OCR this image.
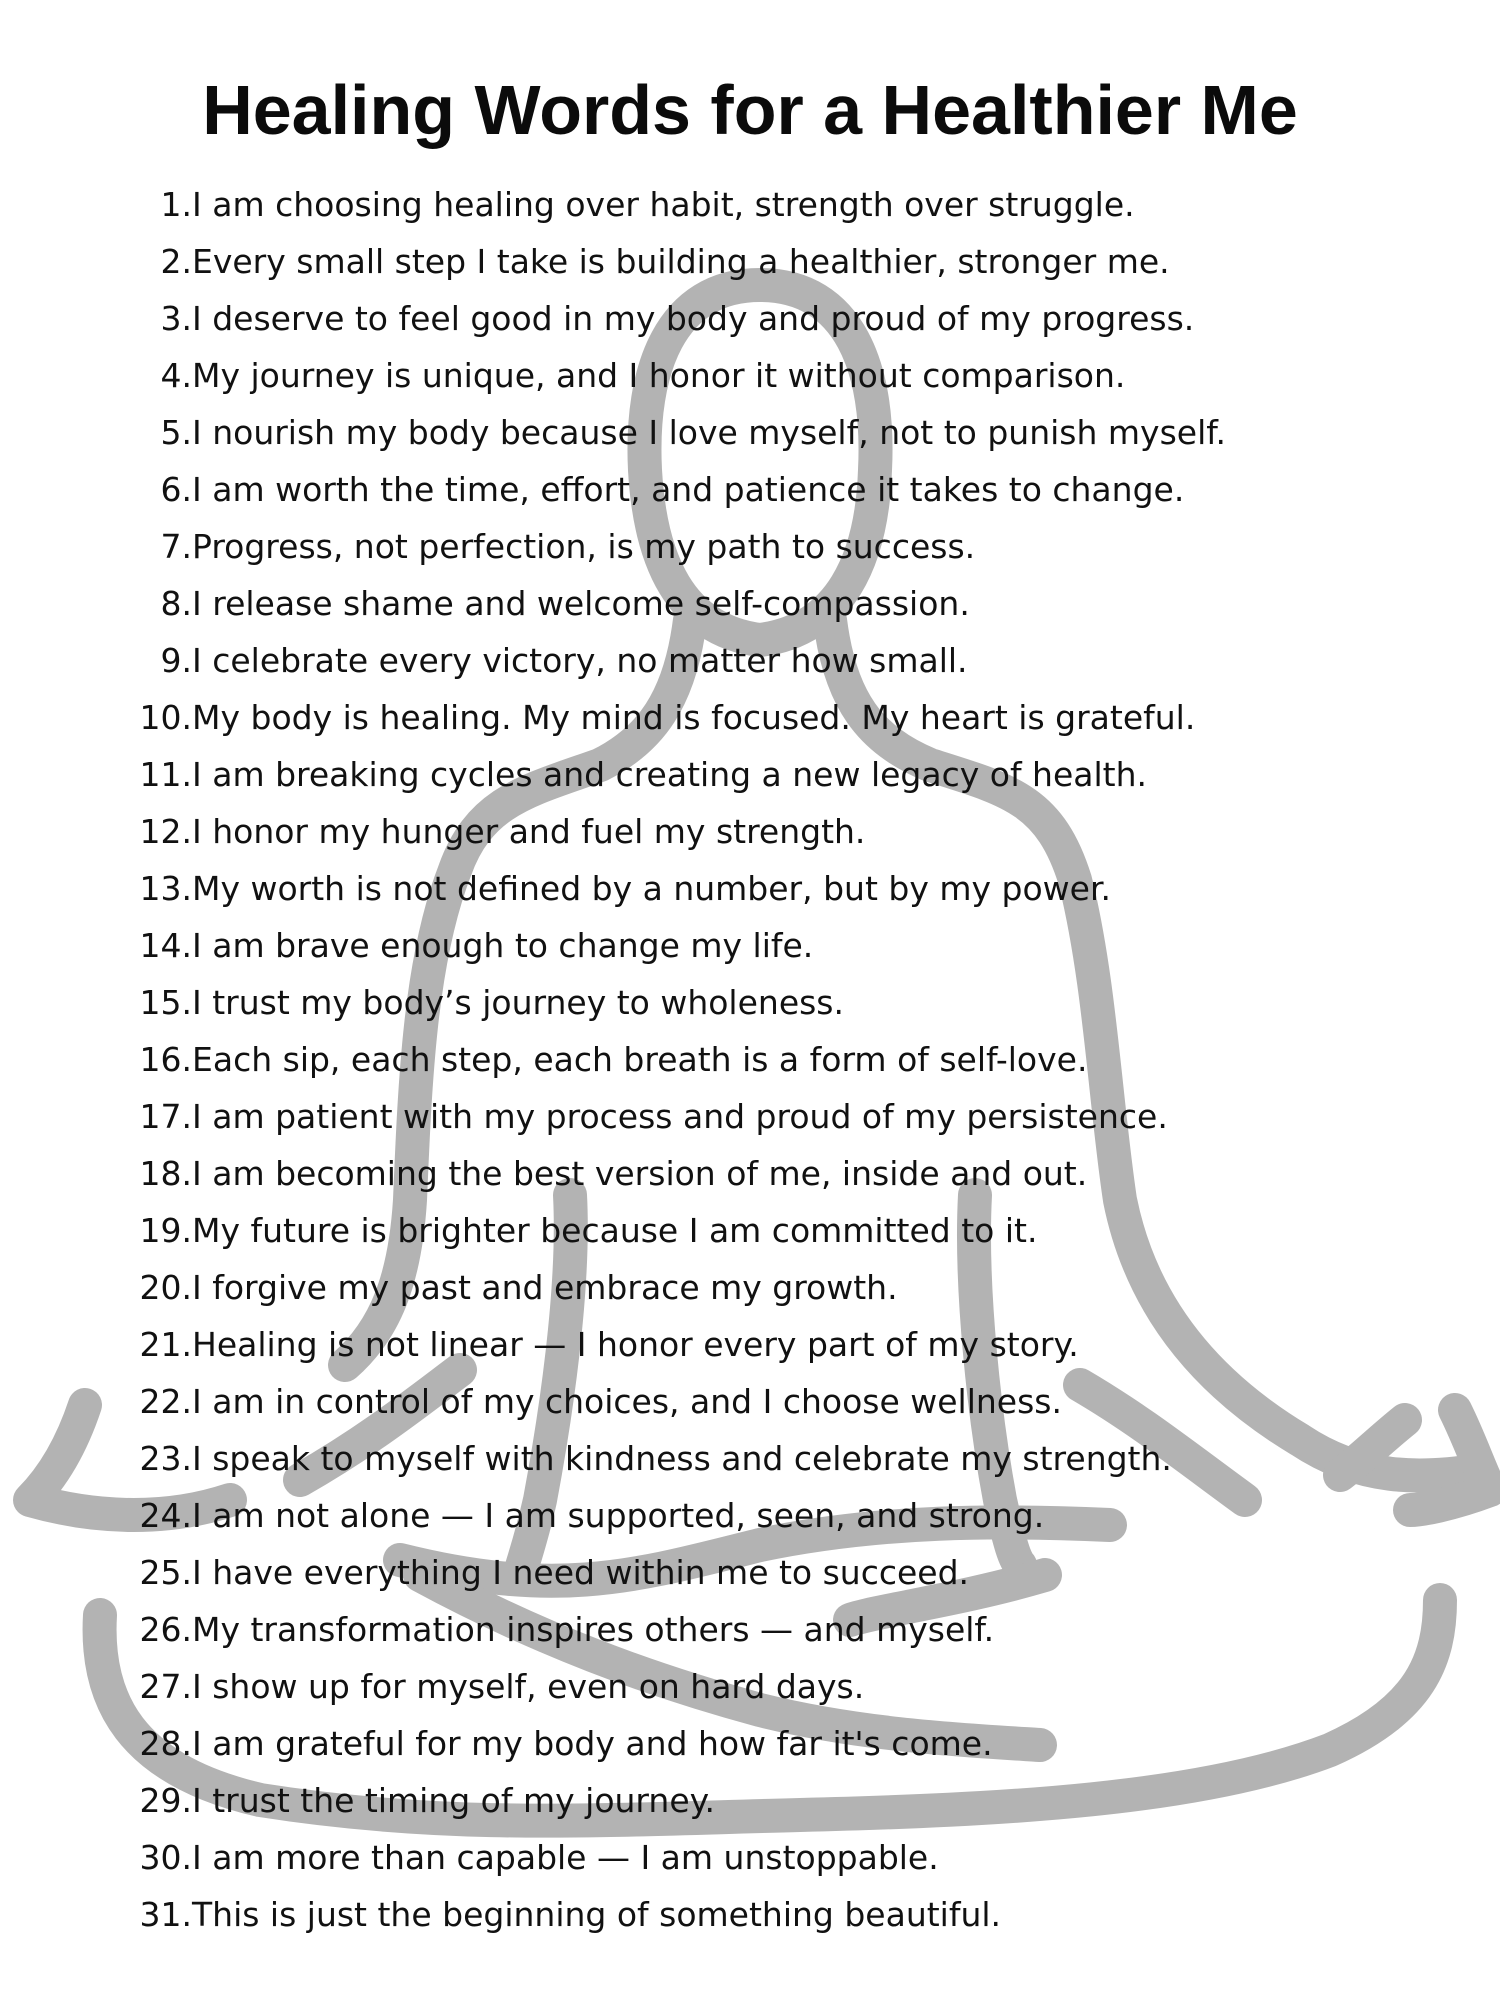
Healing Words for a Healthier Me
1. I am choosing healing over habit, strength over struggle.
2. Every small step I take is building a healthier, stronger me.
3. I deserve to feel good in my body and proud of my progress.
4. My journey is unique, and I honor it without comparison.
5. I nourish my body because I love myself, not to punish myself.
6. I am worth the time, effort, and patience it takes to change.
7. Progress, not perfection, is my path to success.
8. I release shame and welcome self-compassion.
9. I celebrate every victory, no matter how small.
10. My body is healing. My mind is focused. My heart is grateful.
11. I am breaking cycles and creating a new legacy of health.
12. I honor my hunger and fuel my strength.
13. My worth is not defined by a number, but by my power.
14. I am brave enough to change my life.
15. I trust my body’s journey to wholeness.
16. Each sip, each step, each breath is a form of self-love.
17. I am patient with my process and proud of my persistence.
18. I am becoming the best version of me, inside and out.
19. My future is brighter because I am committed to it.
20. I forgive my past and embrace my growth.
21. Healing is not linear — I honor every part of my story.
22. I am in control of my choices, and I choose wellness.
23. I speak to myself with kindness and celebrate my strength.
24. I am not alone — I am supported, seen, and strong.
25. I have everything I need within me to succeed.
26. My transformation inspires others — and myself.
27. I show up for myself, even on hard days.
28. I am grateful for my body and how far it's come.
29. I trust the timing of my journey.
30. I am more than capable — I am unstoppable.
31. This is just the beginning of something beautiful.
